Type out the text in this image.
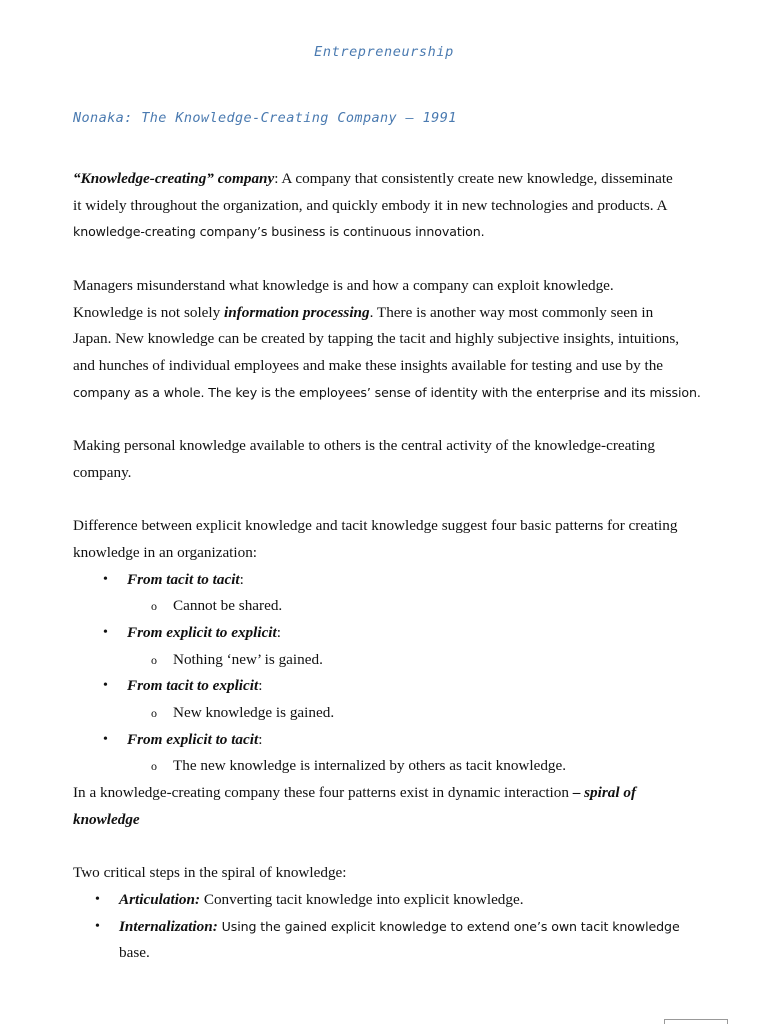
Entrepreneurship
Nonaka: The Knowledge-Creating Company – 1991
“Knowledge-creating” company: A company that consistently create new knowledge, disseminate
it widely throughout the organization, and quickly embody it in new technologies and products. A
knowledge-creating company’s business is continuous innovation.
Managers misunderstand what knowledge is and how a company can exploit knowledge.
Knowledge is not solely information processing. There is another way most commonly seen in
Japan. New knowledge can be created by tapping the tacit and highly subjective insights, intuitions,
and hunches of individual employees and make these insights available for testing and use by the
company as a whole. The key is the employees’ sense of identity with the enterprise and its mission.
Making personal knowledge available to others is the central activity of the knowledge-creating
company.
Difference between explicit knowledge and tacit knowledge suggest four basic patterns for creating
knowledge in an organization:
• From tacit to tacit:
o Cannot be shared.
• From explicit to explicit:
o Nothing ‘new’ is gained.
• From tacit to explicit:
o New knowledge is gained.
• From explicit to tacit:
o The new knowledge is internalized by others as tacit knowledge.
In a knowledge-creating company these four patterns exist in dynamic interaction – spiral of
knowledge
Two critical steps in the spiral of knowledge:
• Articulation: Converting tacit knowledge into explicit knowledge.
• Internalization: Using the gained explicit knowledge to extend one’s own tacit knowledge
base.
